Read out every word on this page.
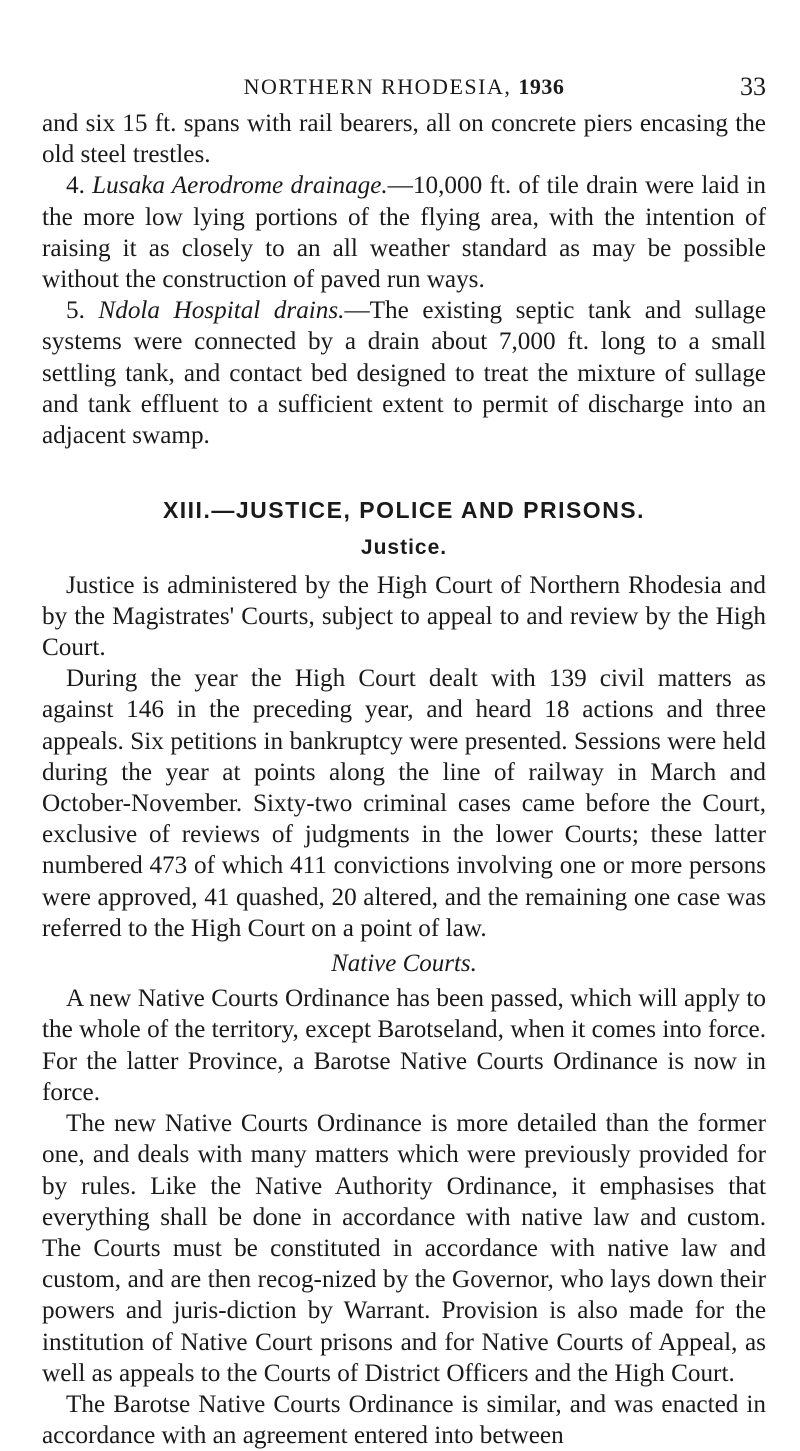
NORTHERN RHODESIA, 1936	33

and six 15 ft. spans with rail bearers, all on concrete piers encasing the old steel trestles.

4. Lusaka Aerodrome drainage.—10,000 ft. of tile drain were laid in the more low lying portions of the flying area, with the intention of raising it as closely to an all weather standard as may be possible without the construction of paved run ways.

5. Ndola Hospital drains.—The existing septic tank and sullage systems were connected by a drain about 7,000 ft. long to a small settling tank, and contact bed designed to treat the mixture of sullage and tank effluent to a sufficient extent to permit of discharge into an adjacent swamp.

XIII.—JUSTICE, POLICE AND PRISONS.
Justice.

Justice is administered by the High Court of Northern Rhodesia and by the Magistrates' Courts, subject to appeal to and review by the High Court.

During the year the High Court dealt with 139 civil matters as against 146 in the preceding year, and heard 18 actions and three appeals. Six petitions in bankruptcy were presented. Sessions were held during the year at points along the line of railway in March and October-November. Sixty-two criminal cases came before the Court, exclusive of reviews of judgments in the lower Courts; these latter numbered 473 of which 411 convictions involving one or more persons were approved, 41 quashed, 20 altered, and the remaining one case was referred to the High Court on a point of law.

Native Courts.

A new Native Courts Ordinance has been passed, which will apply to the whole of the territory, except Barotseland, when it comes into force. For the latter Province, a Barotse Native Courts Ordinance is now in force.

The new Native Courts Ordinance is more detailed than the former one, and deals with many matters which were previously provided for by rules. Like the Native Authority Ordinance, it emphasises that everything shall be done in accordance with native law and custom. The Courts must be constituted in accordance with native law and custom, and are then recog-nized by the Governor, who lays down their powers and juris-diction by Warrant. Provision is also made for the institution of Native Court prisons and for Native Courts of Appeal, as well as appeals to the Courts of District Officers and the High Court.

The Barotse Native Courts Ordinance is similar, and was enacted in accordance with an agreement entered into between
